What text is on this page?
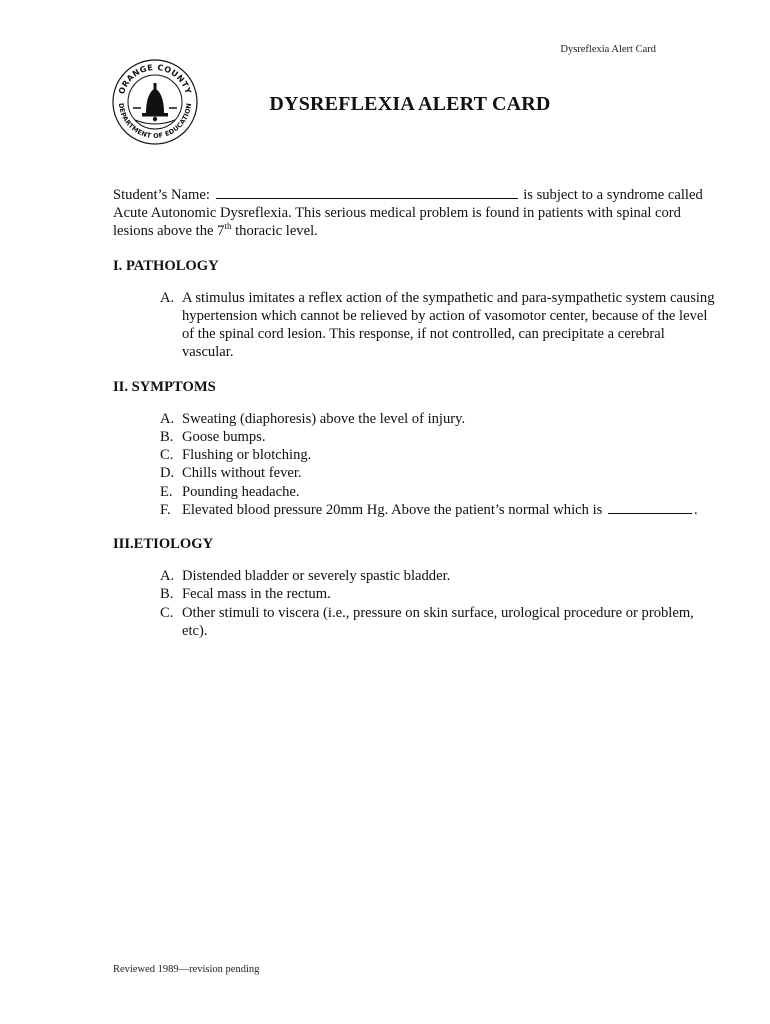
Dysreflexia Alert Card
ORANGE COUNTY
DEPARTMENT OF EDUCATION	DYSREFLEXIA ALERT CARD

Student’s Name:	is subject to a syndrome called Acute Autonomic Dysreflexia. This serious medical problem is found in patients with spinal cord lesions above the 7th thoracic level.

I. PATHOLOGY
A. A stimulus imitates a reflex action of the sympathetic and para-sympathetic system causing hypertension which cannot be relieved by action of vasomotor center, because of the level of the spinal cord lesion. This response, if not controlled, can precipitate a cerebral vascular.
II. SYMPTOMS
A. Sweating (diaphoresis) above the level of injury.
B. Goose bumps.
C. Flushing or blotching.
D. Chills without fever.
E. Pounding headache.
F. Elevated blood pressure 20mm Hg. Above the patient’s normal which is	.
III.ETIOLOGY
A. Distended bladder or severely spastic bladder.
B. Fecal mass in the rectum.
C. Other stimuli to viscera (i.e., pressure on skin surface, urological procedure or problem, etc).
Reviewed 1989—revision pending
